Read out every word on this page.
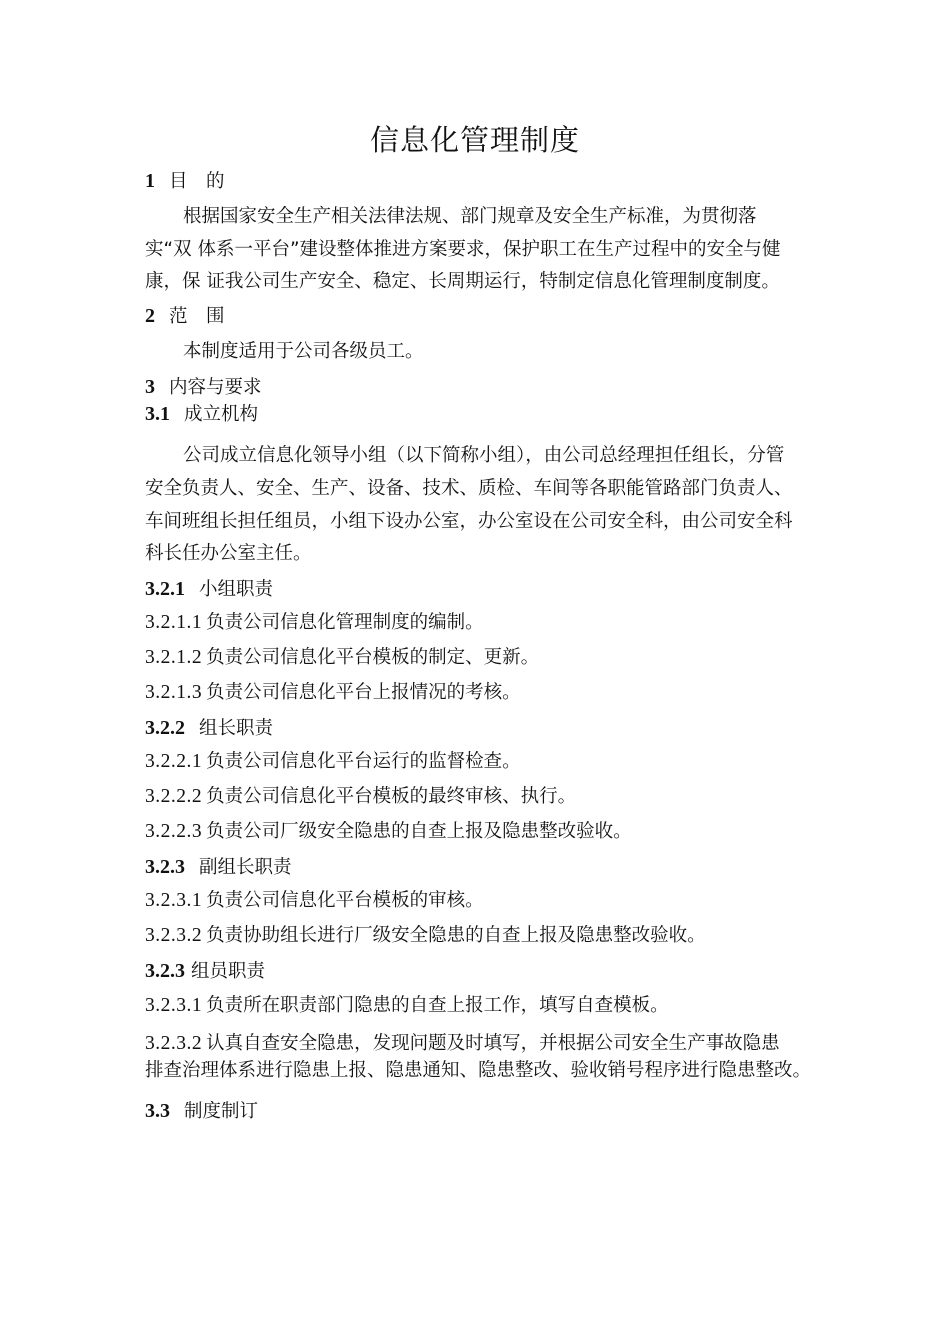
信息化管理制度
1 目　的
根据国家安全生产相关法律法规、部门规章及安全生产标准，为贯彻落
实“双 体系一平台”建设整体推进方案要求，保护职工在生产过程中的安全与健
康，保 证我公司生产安全、稳定、长周期运行，特制定信息化管理制度制度。
2 范　围
本制度适用于公司各级员工。
3 内容与要求
3.1 成立机构
公司成立信息化领导小组（以下简称小组），由公司总经理担任组长，分管
安全负责人、安全、生产、设备、技术、质检、车间等各职能管路部门负责人、
车间班组长担任组员，小组下设办公室，办公室设在公司安全科，由公司安全科
科长任办公室主任。
3.2.1 小组职责
3.2.1.1 负责公司信息化管理制度的编制。
3.2.1.2 负责公司信息化平台模板的制定、更新。
3.2.1.3 负责公司信息化平台上报情况的考核。
3.2.2 组长职责
3.2.2.1 负责公司信息化平台运行的监督检查。
3.2.2.2 负责公司信息化平台模板的最终审核、执行。
3.2.2.3 负责公司厂级安全隐患的自查上报及隐患整改验收。
3.2.3 副组长职责
3.2.3.1 负责公司信息化平台模板的审核。
3.2.3.2 负责协助组长进行厂级安全隐患的自查上报及隐患整改验收。
3.2.3 组员职责
3.2.3.1 负责所在职责部门隐患的自查上报工作，填写自查模板。
3.2.3.2 认真自查安全隐患，发现问题及时填写，并根据公司安全生产事故隐患
排查治理体系进行隐患上报、隐患通知、隐患整改、验收销号程序进行隐患整改。
3.3 制度制订
